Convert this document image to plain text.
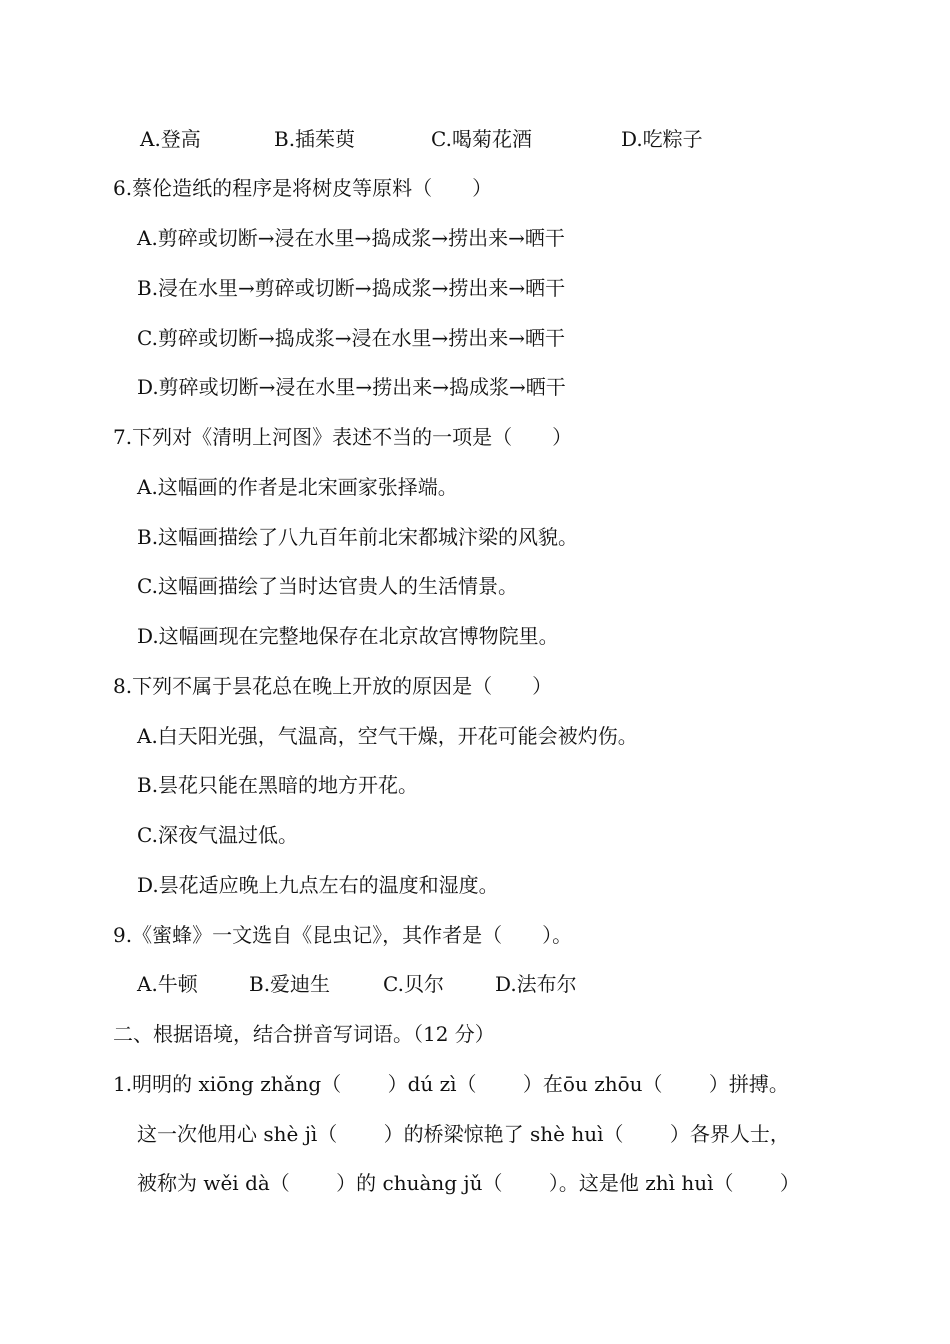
A.登高

	B.插茱萸

	C.喝菊花酒

	D.吃粽子

6.蔡伦造纸的程序是将树皮等原料（　　）
A.剪碎或切断→浸在水里→捣成浆→捞出来→晒干
B.浸在水里→剪碎或切断→捣成浆→捞出来→晒干
C.剪碎或切断→捣成浆→浸在水里→捞出来→晒干
D.剪碎或切断→浸在水里→捞出来→捣成浆→晒干
7.下列对《清明上河图》表述不当的一项是（　　）
A.这幅画的作者是北宋画家张择端。
B.这幅画描绘了八九百年前北宋都城汴梁的风貌。
C.这幅画描绘了当时达官贵人的生活情景。
D.这幅画现在完整地保存在北京故宫博物院里。
8.下列不属于昙花总在晚上开放的原因是（　　）
A.白天阳光强，气温高，空气干燥，开花可能会被灼伤。
B.昙花只能在黑暗的地方开花。
C.深夜气温过低。
D.昙花适应晚上九点左右的温度和湿度。
9.《蜜蜂》一文选自《昆虫记》，其作者是（　　）。

A.牛顿

	B.爱迪生

	C.贝尔

	D.法布尔

二、根据语境，结合拼音写词语。（12 分）
1.明明的 xiōng zhǎng（　　 ）dú zì（　　 ）在ōu zhōu（　　 ）拼搏。
这一次他用心 shè jì（　　 ）的桥梁惊艳了 shè huì（　　 ）各界人士，
被称为 wěi dà（　　 ）的 chuàng jǔ（　　 ）。这是他 zhì huì（　　 ）
